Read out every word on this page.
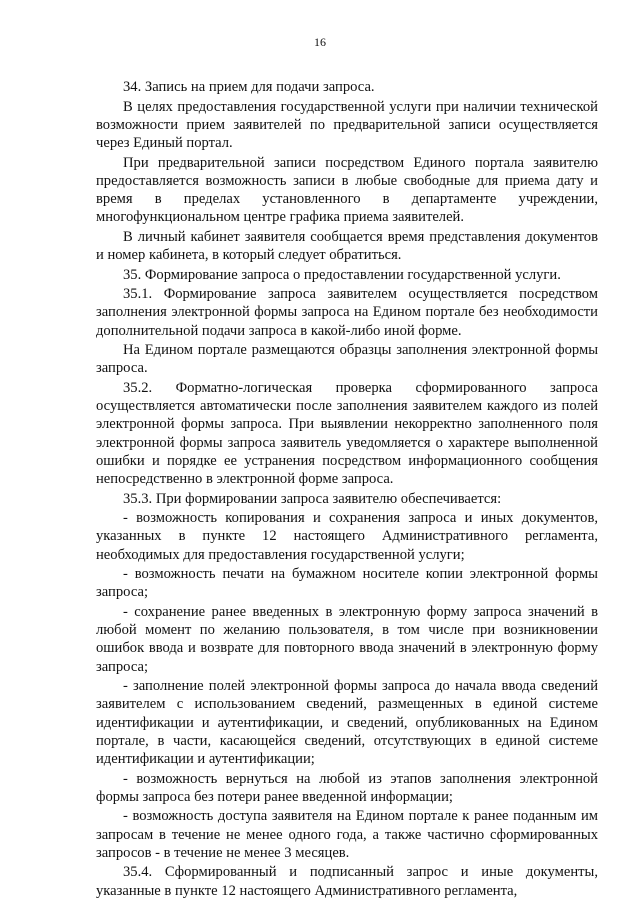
16

34. Запись на прием для подачи запроса.

В целях предоставления государственной услуги при наличии технической возможности прием заявителей по предварительной записи осуществляется через Единый портал.

При предварительной записи посредством Единого портала заявителю предоставляется возможность записи в любые свободные для приема дату и время в пределах установленного в департаменте учреждении, многофункциональном центре графика приема заявителей.

В личный кабинет заявителя сообщается время представления документов и номер кабинета, в который следует обратиться.

35. Формирование запроса о предоставлении государственной услуги.

35.1. Формирование запроса заявителем осуществляется посредством заполнения электронной формы запроса на Едином портале без необходимости дополнительной подачи запроса в какой-либо иной форме.

На Едином портале размещаются образцы заполнения электронной формы запроса.

35.2. Форматно-логическая проверка сформированного запроса осуществляется автоматически после заполнения заявителем каждого из полей электронной формы запроса. При выявлении некорректно заполненного поля электронной формы запроса заявитель уведомляется о характере выполненной ошибки и порядке ее устранения посредством информационного сообщения непосредственно в электронной форме запроса.

35.3. При формировании запроса заявителю обеспечивается:

- возможность копирования и сохранения запроса и иных документов, указанных в пункте 12 настоящего Административного регламента, необходимых для предоставления государственной услуги;

- возможность печати на бумажном носителе копии электронной формы запроса;

- сохранение ранее введенных в электронную форму запроса значений в любой момент по желанию пользователя, в том числе при возникновении ошибок ввода и возврате для повторного ввода значений в электронную форму запроса;

- заполнение полей электронной формы запроса до начала ввода сведений заявителем с использованием сведений, размещенных в единой системе идентификации и аутентификации, и сведений, опубликованных на Едином портале, в части, касающейся сведений, отсутствующих в единой системе идентификации и аутентификации;

- возможность вернуться на любой из этапов заполнения электронной формы запроса без потери ранее введенной информации;

- возможность доступа заявителя на Едином портале к ранее поданным им запросам в течение не менее одного года, а также частично сформированных запросов - в течение не менее 3 месяцев.

35.4. Сформированный и подписанный запрос и иные документы, указанные в пункте 12 настоящего Административного регламента,
